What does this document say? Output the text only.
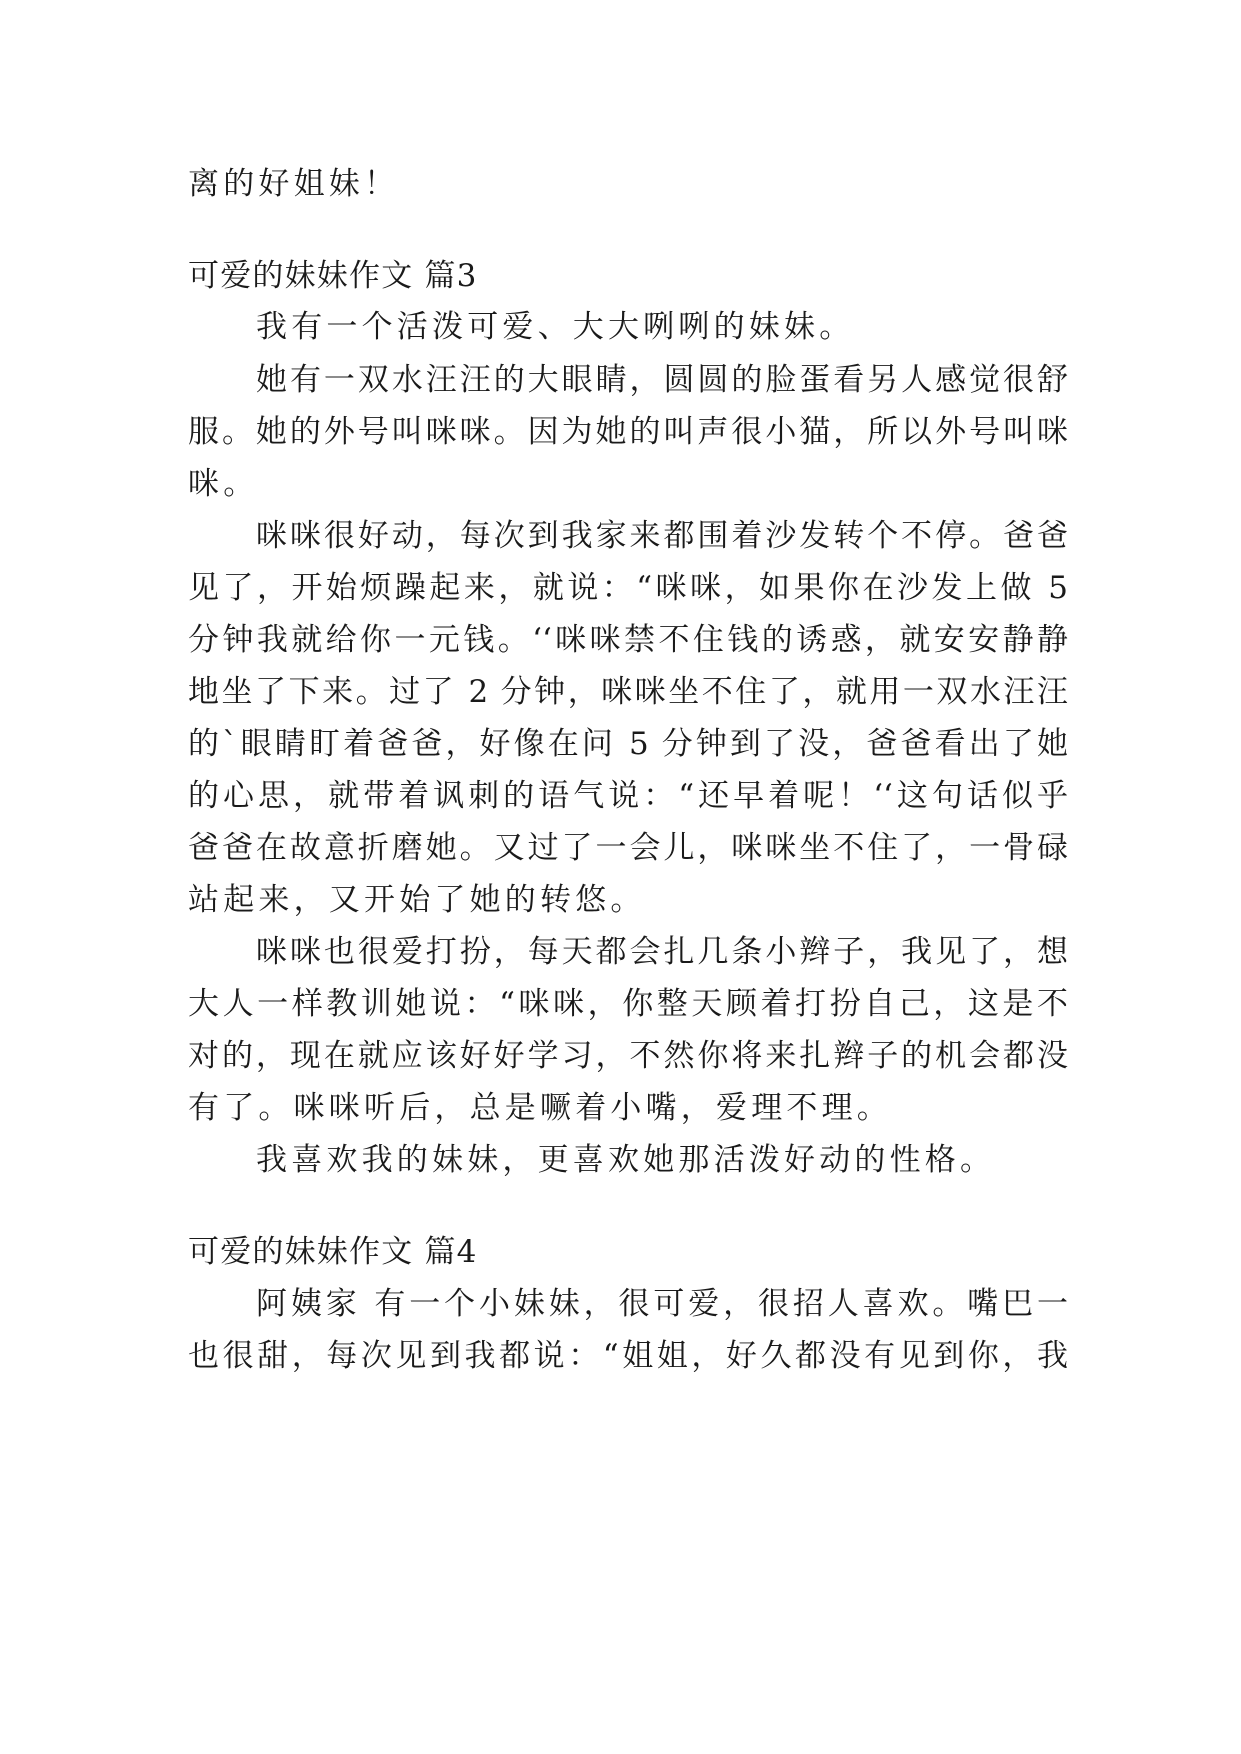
离的好姐妹！
可爱的妹妹作文 篇3
我有一个活泼可爱、大大咧咧的妹妹。
她有一双水汪汪的大眼睛，圆圆的脸蛋看另人感觉很舒
服。她的外号叫咪咪。因为她的叫声很小猫，所以外号叫咪
咪。
咪咪很好动，每次到我家来都围着沙发转个不停。爸爸
见了，开始烦躁起来，就说：“咪咪，如果你在沙发上做 5
分钟我就给你一元钱。‘‘咪咪禁不住钱的诱惑，就安安静静
地坐了下来。过了 2 分钟，咪咪坐不住了，就用一双水汪汪
的`眼睛盯着爸爸，好像在问 5 分钟到了没，爸爸看出了她
的心思，就带着讽刺的语气说：“还早着呢！‘‘这句话似乎
爸爸在故意折磨她。又过了一会儿，咪咪坐不住了，一骨碌
站起来，又开始了她的转悠。
咪咪也很爱打扮，每天都会扎几条小辫子，我见了，想
大人一样教训她说：“咪咪，你整天顾着打扮自己，这是不
对的，现在就应该好好学习，不然你将来扎辫子的机会都没
有了。咪咪听后，总是噘着小嘴，爱理不理。
我喜欢我的妹妹，更喜欢她那活泼好动的性格。
可爱的妹妹作文 篇4
阿姨家 有一个小妹妹，很可爱，很招人喜欢。嘴巴一
也很甜，每次见到我都说：“姐姐，好久都没有见到你，我
